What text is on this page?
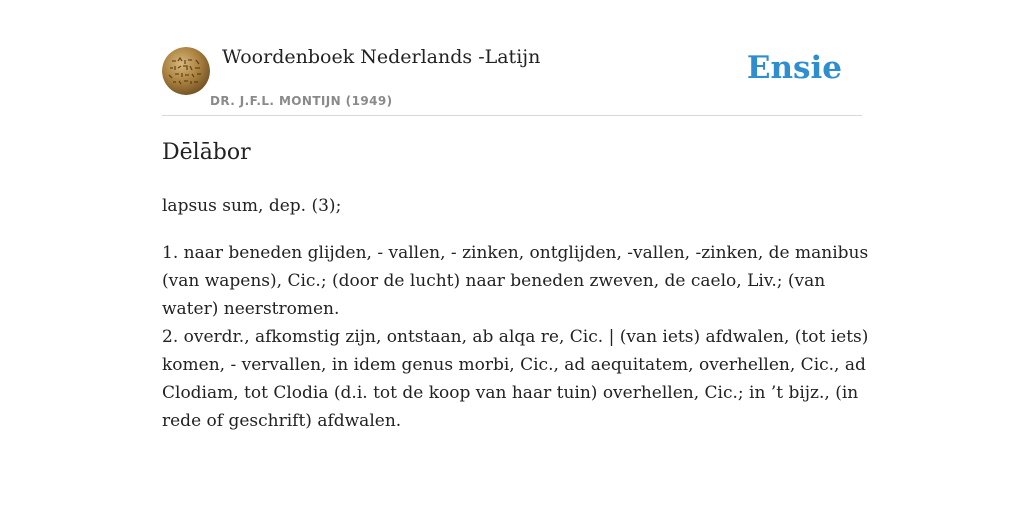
Woordenboek Nederlands -Latijn
DR. J.F.L. MONTIJN (1949)
Ensie
Dēlābor

lapsus sum, dep. (3);

1. naar beneden glijden, - vallen, - zinken, ontglijden, -vallen, -zinken, de manibus (van wapens), Cic.; (door de lucht) naar beneden zweven, de caelo, Liv.; (van water) neerstromen.

2. overdr., afkomstig zijn, ontstaan, ab alqa re, Cic. | (van iets) afdwalen, (tot iets) komen, - vervallen, in idem genus morbi, Cic., ad aequitatem, overhellen, Cic., ad Clodiam, tot Clodia (d.i. tot de koop van haar tuin) overhellen, Cic.; in ’t bijz., (in rede of geschrift) afdwalen.
